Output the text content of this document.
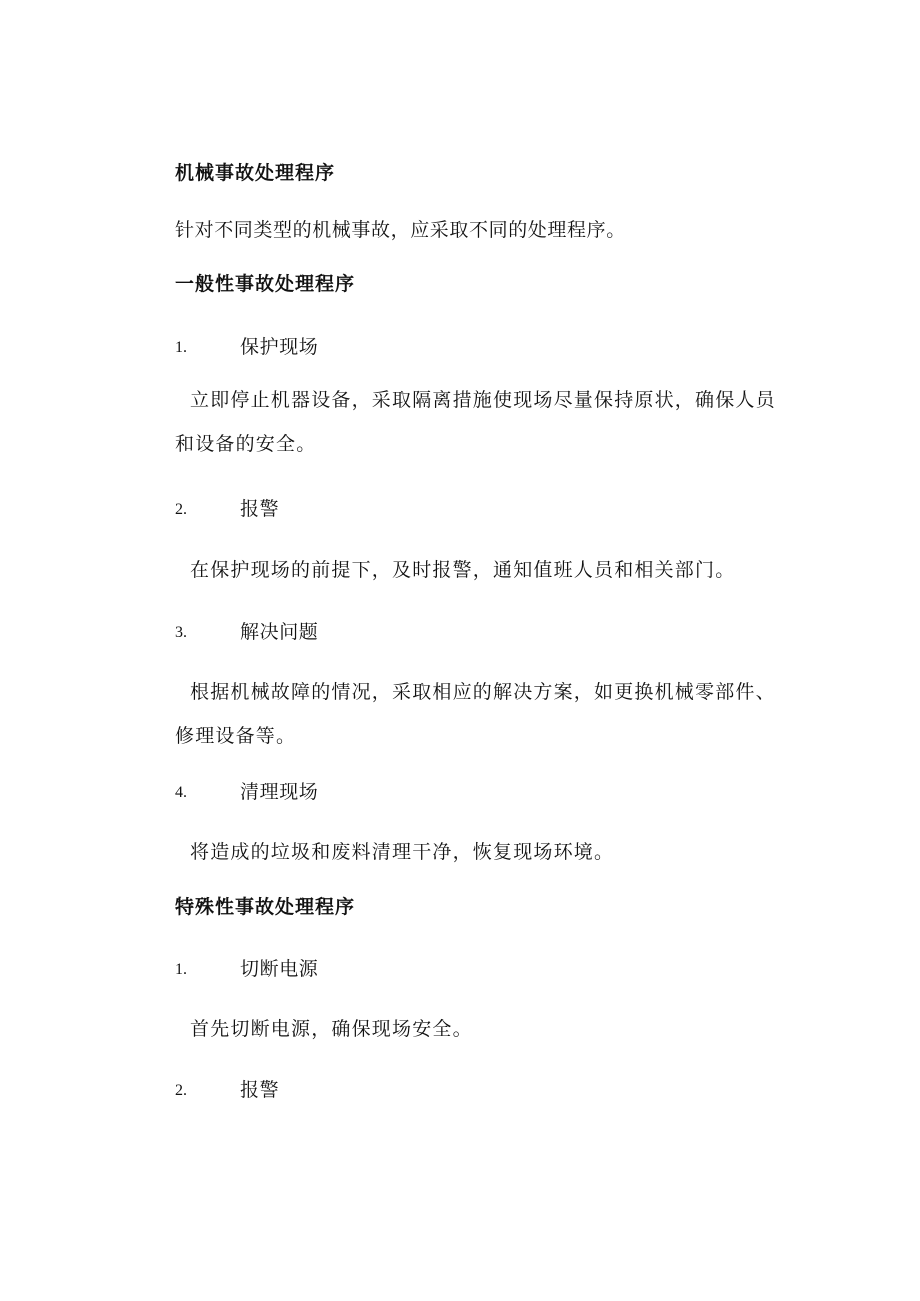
机械事故处理程序

针对不同类型的机械事故，应采取不同的处理程序。

一般性事故处理程序
1.	保护现场

立即停止机器设备，采取隔离措施使现场尽量保持原状，确保人员和设备的安全。

2.	报警

在保护现场的前提下，及时报警，通知值班人员和相关部门。

3.	解决问题

根据机械故障的情况，采取相应的解决方案，如更换机械零部件、修理设备等。

4.	清理现场

将造成的垃圾和废料清理干净，恢复现场环境。

特殊性事故处理程序
1.	切断电源

首先切断电源，确保现场安全。

2.	报警
